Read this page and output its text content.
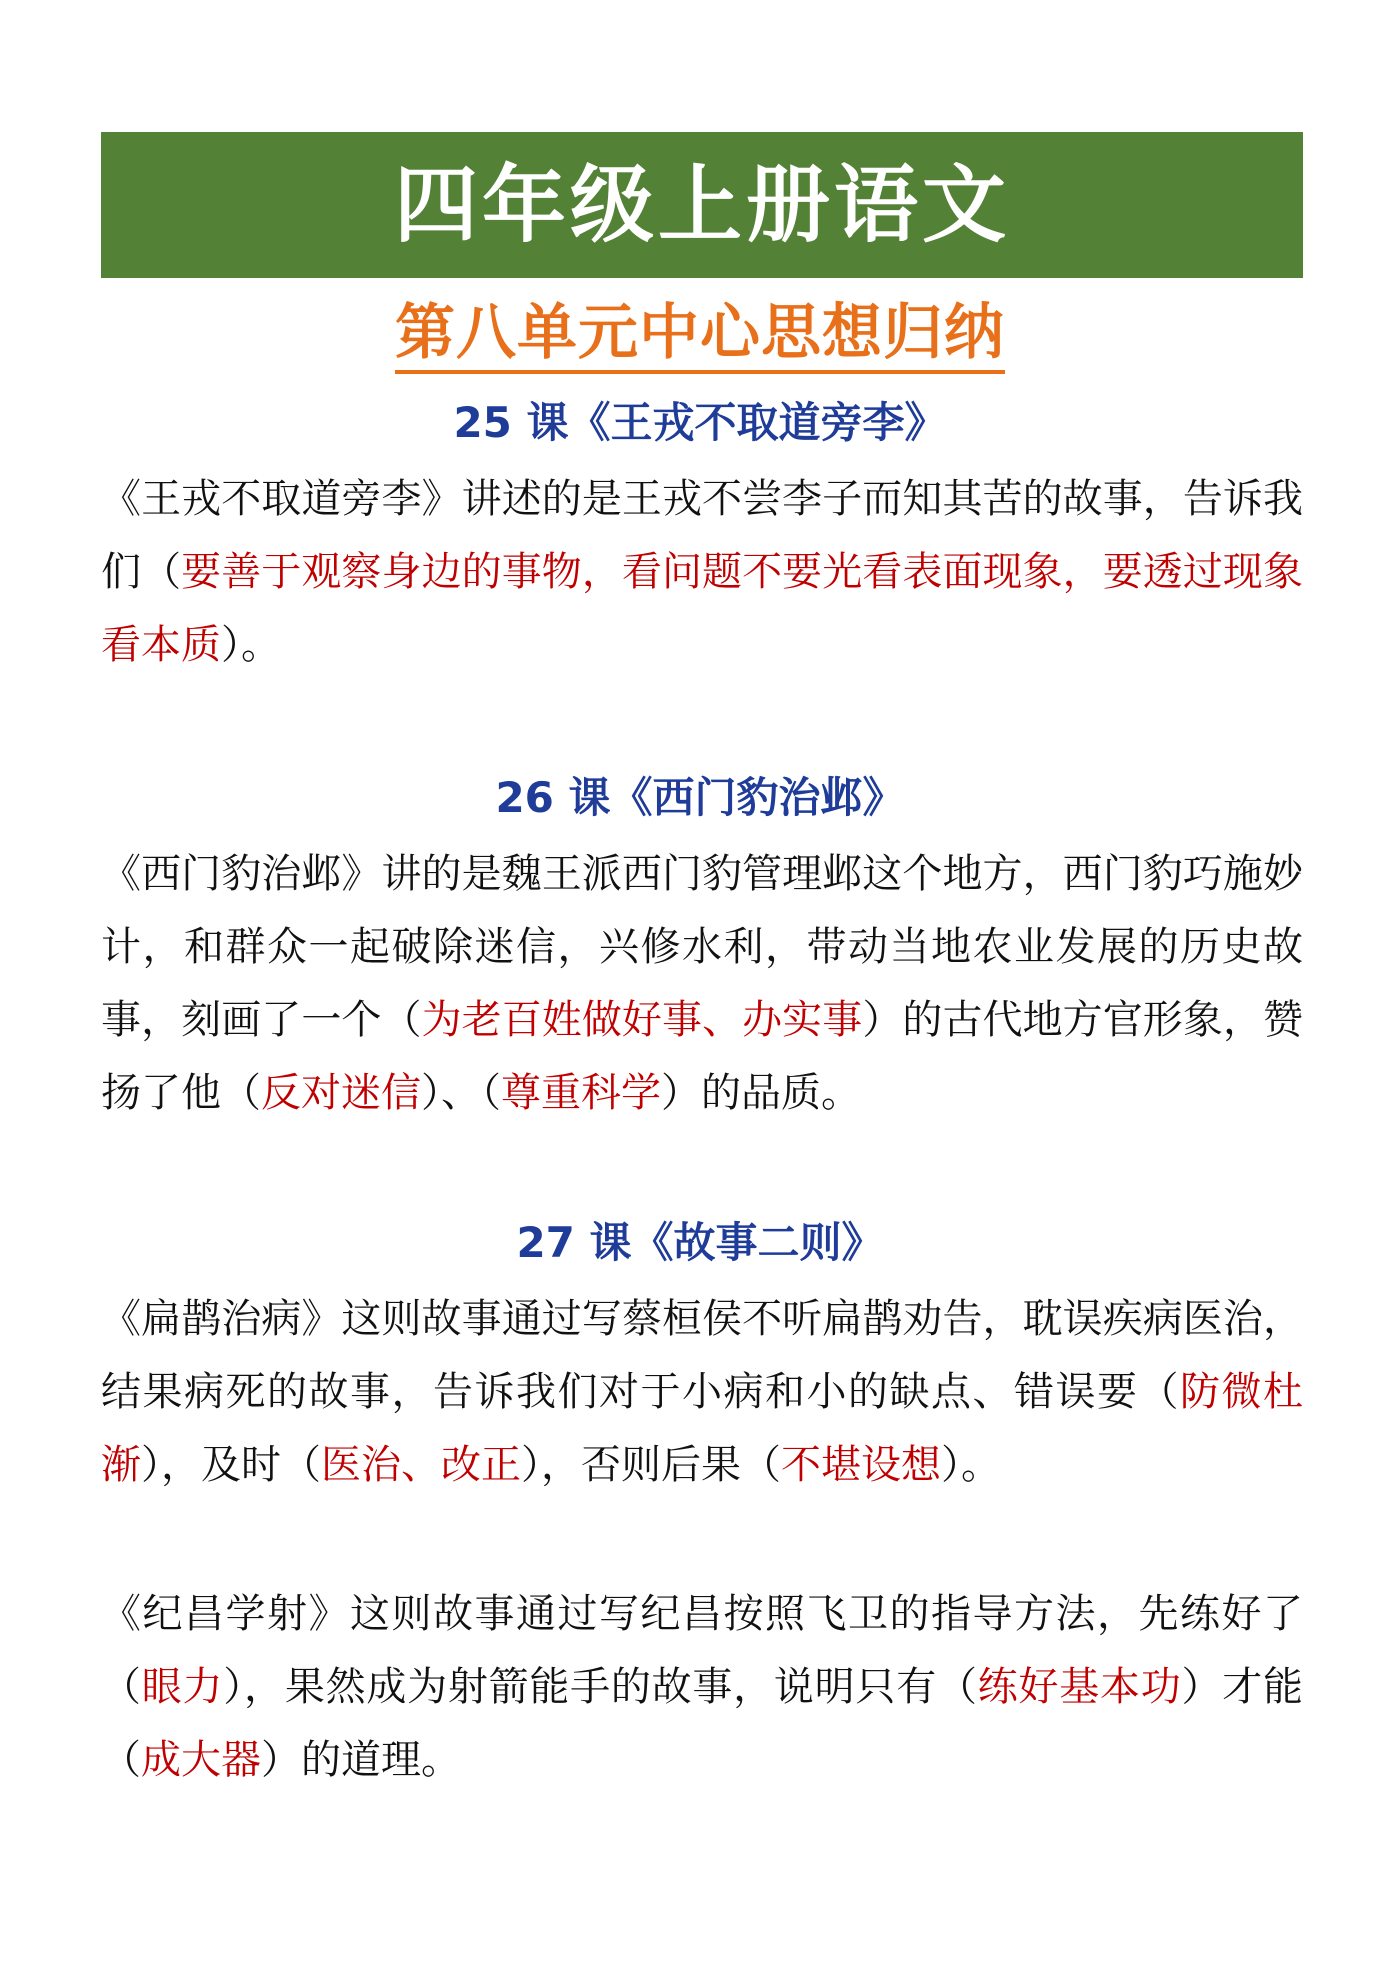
四年级上册语文
第八单元中心思想归纳
25 课《王戎不取道旁李》

《王戎不取道旁李》讲述的是王戎不尝李子而知其苦的故事，告诉我们（要善于观察身边的事物，看问题不要光看表面现象，要透过现象看本质）。

26 课《西门豹治邺》

《西门豹治邺》讲的是魏王派西门豹管理邺这个地方，西门豹巧施妙计，和群众一起破除迷信，兴修水利，带动当地农业发展的历史故事，刻画了一个（为老百姓做好事、办实事）的古代地方官形象，赞扬了他（反对迷信）、（尊重科学）的品质。

27 课《故事二则》

《扁鹊治病》这则故事通过写蔡桓侯不听扁鹊劝告，耽误疾病医治，结果病死的故事，告诉我们对于小病和小的缺点、错误要（防微杜渐），及时（医治、改正），否则后果（不堪设想）。

《纪昌学射》这则故事通过写纪昌按照飞卫的指导方法，先练好了（眼力），果然成为射箭能手的故事，说明只有（练好基本功）才能（成大器）的道理。
